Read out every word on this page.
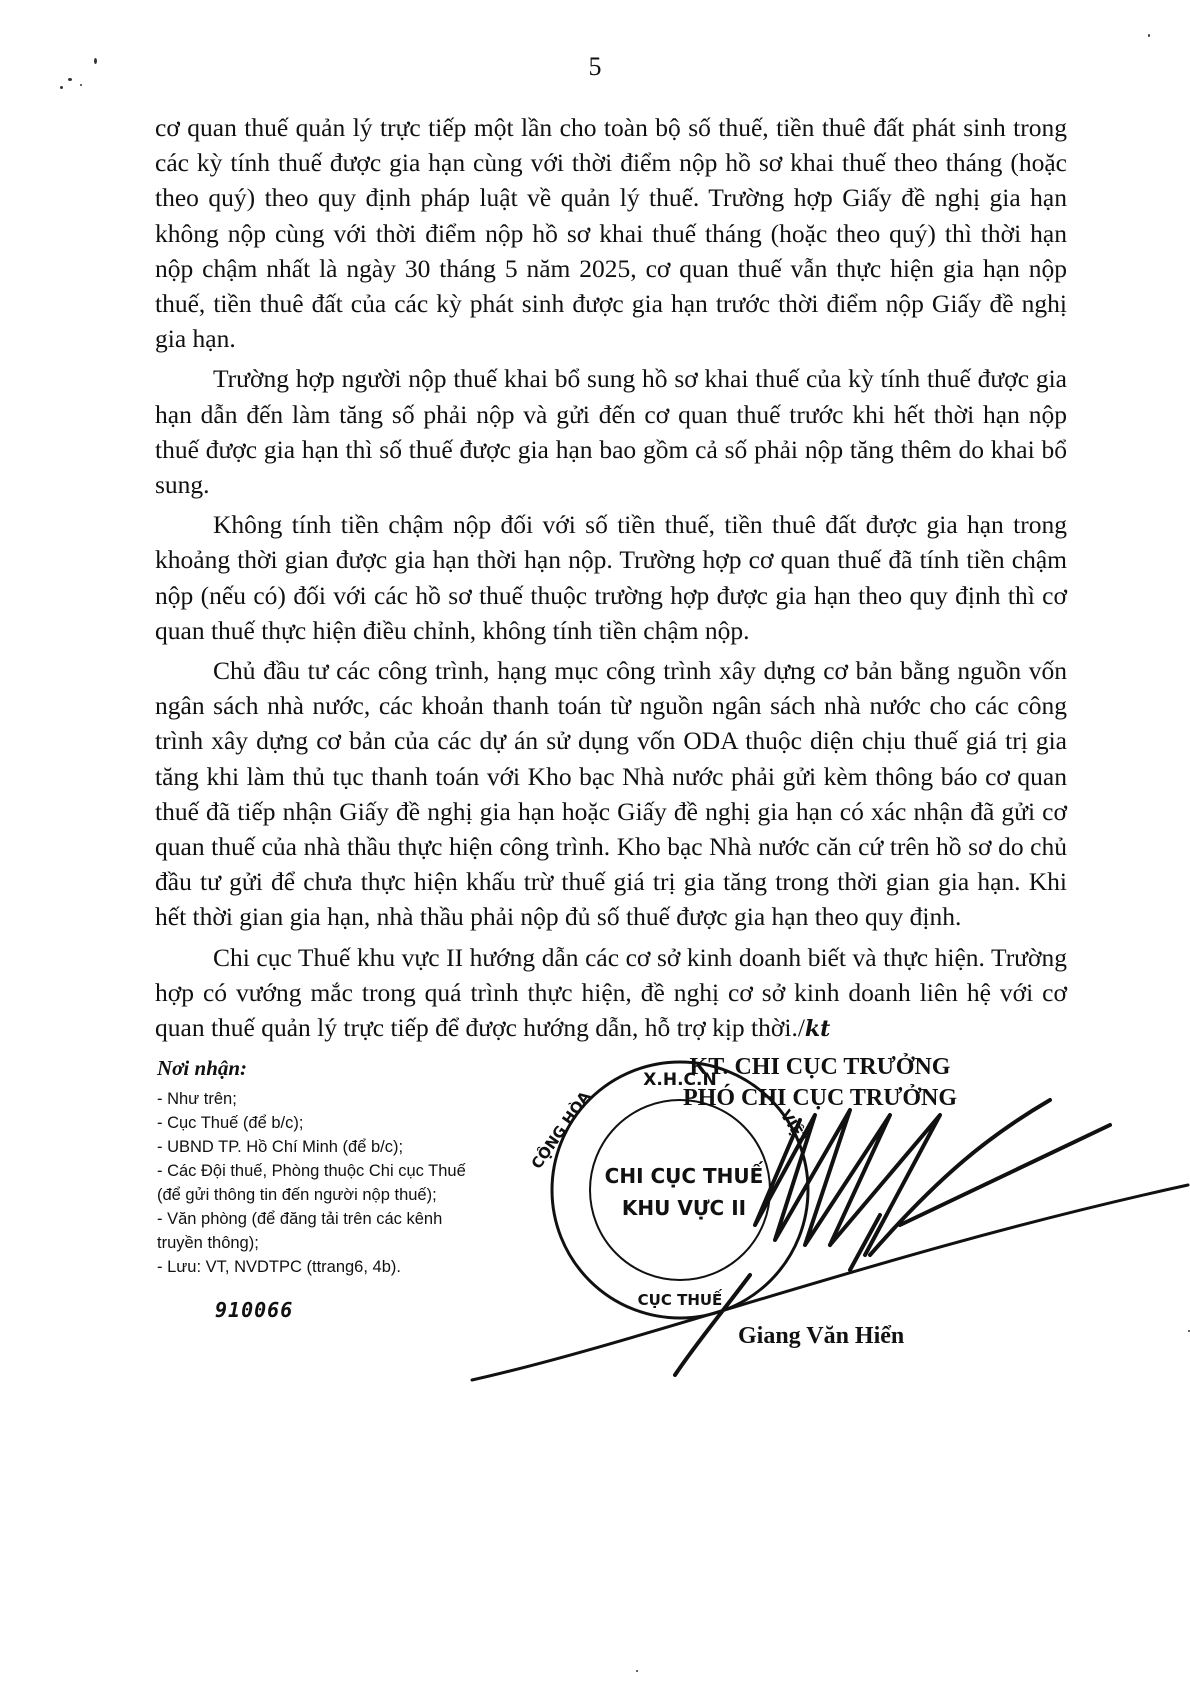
5

cơ quan thuế quản lý trực tiếp một lần cho toàn bộ số thuế, tiền thuê đất phát sinh trong các kỳ tính thuế được gia hạn cùng với thời điểm nộp hồ sơ khai thuế theo tháng (hoặc theo quý) theo quy định pháp luật về quản lý thuế. Trường hợp Giấy đề nghị gia hạn không nộp cùng với thời điểm nộp hồ sơ khai thuế tháng (hoặc theo quý) thì thời hạn nộp chậm nhất là ngày 30 tháng 5 năm 2025, cơ quan thuế vẫn thực hiện gia hạn nộp thuế, tiền thuê đất của các kỳ phát sinh được gia hạn trước thời điểm nộp Giấy đề nghị gia hạn.

Trường hợp người nộp thuế khai bổ sung hồ sơ khai thuế của kỳ tính thuế được gia hạn dẫn đến làm tăng số phải nộp và gửi đến cơ quan thuế trước khi hết thời hạn nộp thuế được gia hạn thì số thuế được gia hạn bao gồm cả số phải nộp tăng thêm do khai bổ sung.

Không tính tiền chậm nộp đối với số tiền thuế, tiền thuê đất được gia hạn trong khoảng thời gian được gia hạn thời hạn nộp. Trường hợp cơ quan thuế đã tính tiền chậm nộp (nếu có) đối với các hồ sơ thuế thuộc trường hợp được gia hạn theo quy định thì cơ quan thuế thực hiện điều chỉnh, không tính tiền chậm nộp.

Chủ đầu tư các công trình, hạng mục công trình xây dựng cơ bản bằng nguồn vốn ngân sách nhà nước, các khoản thanh toán từ nguồn ngân sách nhà nước cho các công trình xây dựng cơ bản của các dự án sử dụng vốn ODA thuộc diện chịu thuế giá trị gia tăng khi làm thủ tục thanh toán với Kho bạc Nhà nước phải gửi kèm thông báo cơ quan thuế đã tiếp nhận Giấy đề nghị gia hạn hoặc Giấy đề nghị gia hạn có xác nhận đã gửi cơ quan thuế của nhà thầu thực hiện công trình. Kho bạc Nhà nước căn cứ trên hồ sơ do chủ đầu tư gửi để chưa thực hiện khấu trừ thuế giá trị gia tăng trong thời gian gia hạn. Khi hết thời gian gia hạn, nhà thầu phải nộp đủ số thuế được gia hạn theo quy định.

Chi cục Thuế khu vực II hướng dẫn các cơ sở kinh doanh biết và thực hiện. Trường hợp có vướng mắc trong quá trình thực hiện, đề nghị cơ sở kinh doanh liên hệ với cơ quan thuế quản lý trực tiếp để được hướng dẫn, hỗ trợ kịp thời./kt

Nơi nhận:

- Như trên;

- Cục Thuế (để b/c);

- UBND TP. Hồ Chí Minh (để b/c);

- Các Đội thuế, Phòng thuộc Chi cục Thuế

(để gửi thông tin đến người nộp thuế);

- Văn phòng (để đăng tải trên các kênh

truyền thông);

- Lưu: VT, NVDTPC (ttrang6, 4b).

910066

KT. CHI CỤC TRƯỞNG

PHÓ CHI CỤC TRƯỞNG

X.H.C.N
CỘNG HÒA	VIỆT
CỤC THUẾ
CHI CỤC THUẾ
KHU VỰC II
Giang Văn Hiển
